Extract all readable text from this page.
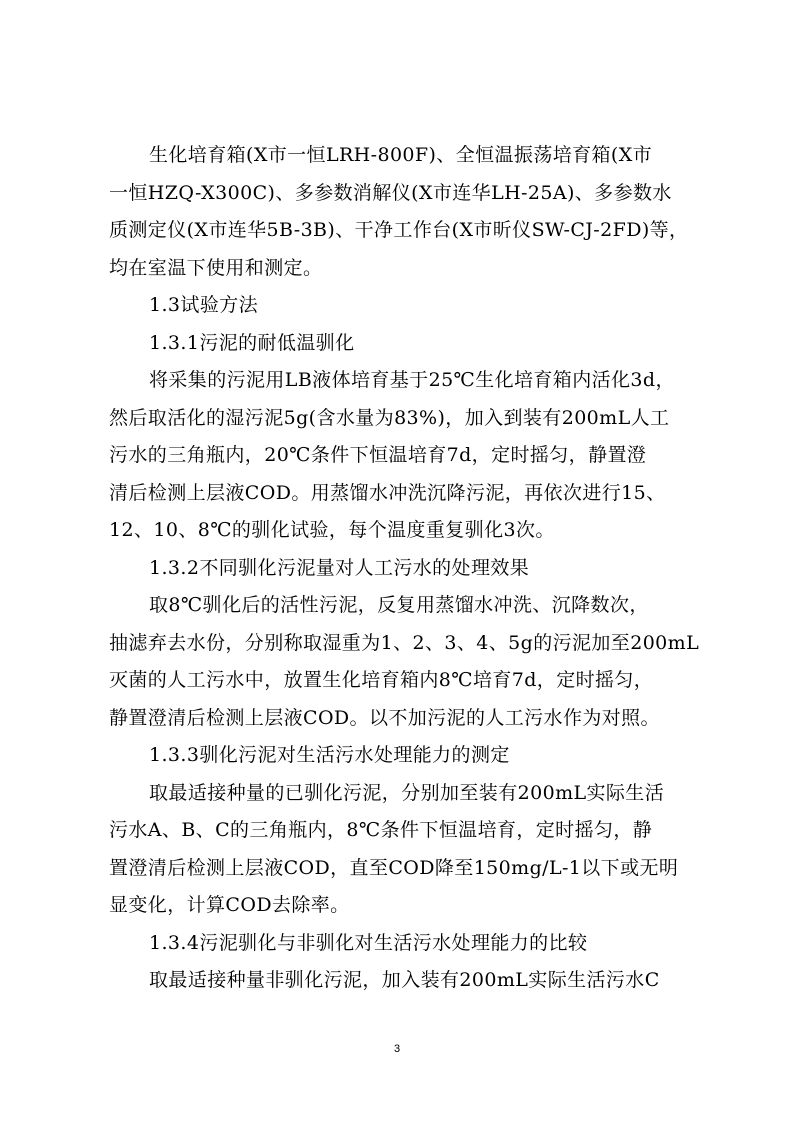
生化培育箱(X市一恒LRH-800F)、全恒温振荡培育箱(X市
一恒HZQ-X300C)、多参数消解仪(X市连华LH-25A)、多参数水
质测定仪(X市连华5B-3B)、干净工作台(X市昕仪SW-CJ-2FD)等，
均在室温下使用和测定。
1.3试验方法
1.3.1污泥的耐低温驯化
将采集的污泥用LB液体培育基于25℃生化培育箱内活化3d，
然后取活化的湿污泥5g(含水量为83%)，加入到装有200mL人工
污水的三角瓶内，20℃条件下恒温培育7d，定时摇匀，静置澄
清后检测上层液COD。用蒸馏水冲洗沉降污泥，再依次进行15、
12、10、8℃的驯化试验，每个温度重复驯化3次。
1.3.2不同驯化污泥量对人工污水的处理效果
取8℃驯化后的活性污泥，反复用蒸馏水冲洗、沉降数次，
抽滤弃去水份，分别称取湿重为1、2、3、4、5g的污泥加至200mL
灭菌的人工污水中，放置生化培育箱内8℃培育7d，定时摇匀，
静置澄清后检测上层液COD。以不加污泥的人工污水作为对照。
1.3.3驯化污泥对生活污水处理能力的测定
取最适接种量的已驯化污泥，分别加至装有200mL实际生活
污水A、B、C的三角瓶内，8℃条件下恒温培育，定时摇匀，静
置澄清后检测上层液COD，直至COD降至150mg/L-1以下或无明
显变化，计算COD去除率。
1.3.4污泥驯化与非驯化对生活污水处理能力的比较
取最适接种量非驯化污泥，加入装有200mL实际生活污水C
3
